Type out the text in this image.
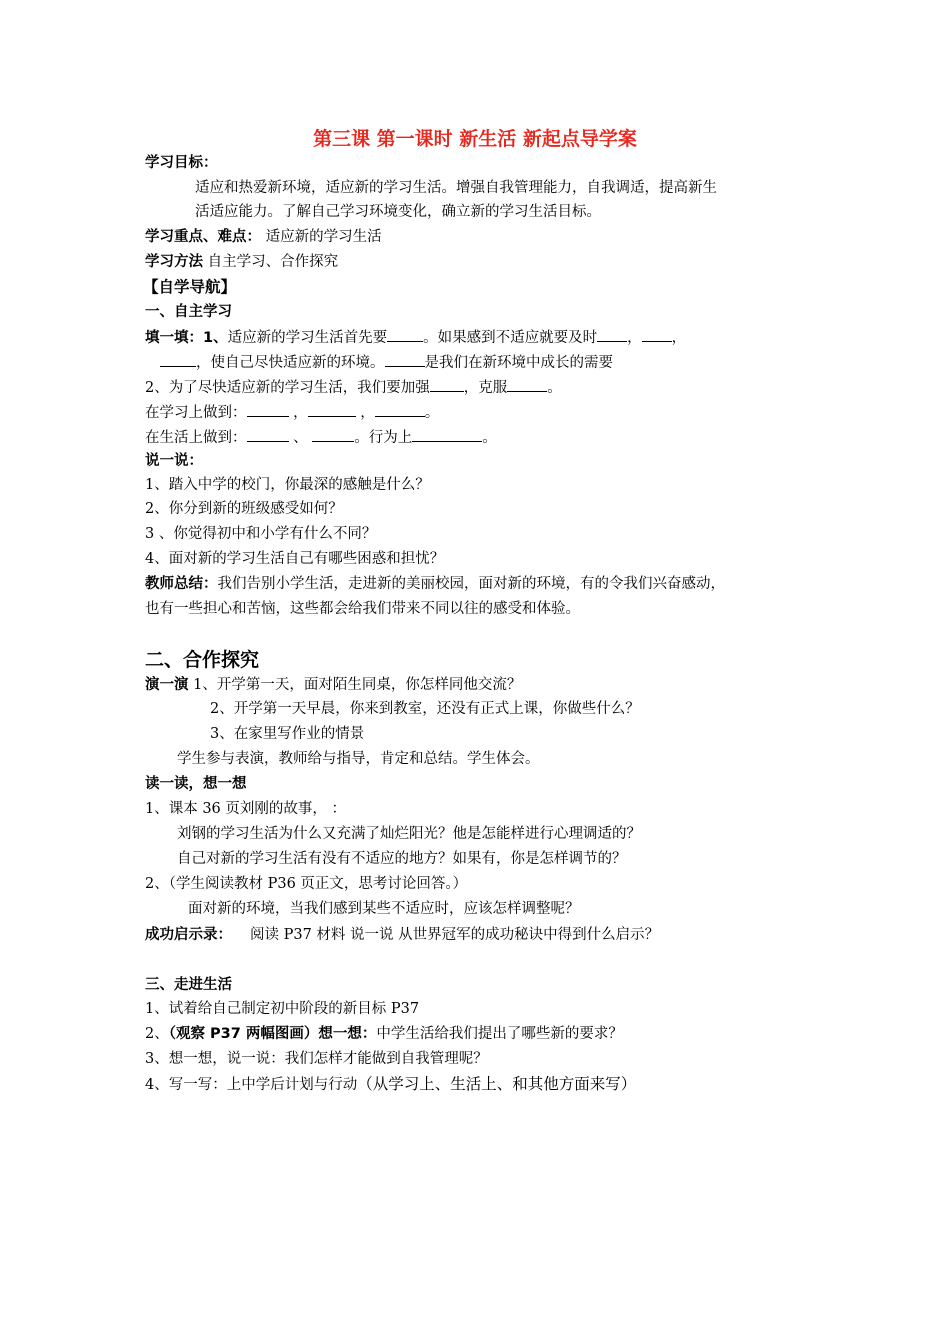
第三课 第一课时 新生活 新起点导学案
学习目标：
适应和热爱新环境，适应新的学习生活。增强自我管理能力，自我调适，提高新生
活适应能力。了解自己学习环境变化，确立新的学习生活目标。
学习重点、难点： 适应新的学习生活
学习方法 自主学习、合作探究
【自学导航】
一、自主学习
填一填：1、适应新的学习生活首先要 。如果感到不适应就要及时 ， ，
，使自己尽快适应新的环境。	是我们在新环境中成长的需要
2、为了尽快适应新的学习生活，我们要加强 ，克服	。
在学习上做到：	，	，	。
在生活上做到：	、	。行为上	。
说一说：
1、踏入中学的校门，你最深的感触是什么？
2、你分到新的班级感受如何？
3 、你觉得初中和小学有什么不同？
4、面对新的学习生活自己有哪些困惑和担忧？
教师总结：我们告别小学生活，走进新的美丽校园，面对新的环境，有的令我们兴奋感动，
也有一些担心和苦恼，这些都会给我们带来不同以往的感受和体验。
二、合作探究
演一演 1、开学第一天，面对陌生同桌，你怎样同他交流？
2、开学第一天早晨，你来到教室，还没有正式上课，你做些什么？
3、在家里写作业的情景
学生参与表演，教师给与指导，肯定和总结。学生体会。
读一读，想一想
1、课本 36 页刘刚的故事， ：
刘钢的学习生活为什么又充满了灿烂阳光？他是怎能样进行心理调适的？
自己对新的学习生活有没有不适应的地方？如果有，你是怎样调节的？
2、（学生阅读教材 P36 页正文，思考讨论回答。）
面对新的环境，当我们感到某些不适应时，应该怎样调整呢？
成功启示录： 阅读 P37 材料 说一说 从世界冠军的成功秘诀中得到什么启示？
三、走进生活
1、试着给自己制定初中阶段的新目标 P37
2、（观察 P37 两幅图画）想一想：中学生活给我们提出了哪些新的要求？
3、想一想，说一说：我们怎样才能做到自我管理呢？
4、写一写：上中学后计划与行动（从学习上、生活上、和其他方面来写）
